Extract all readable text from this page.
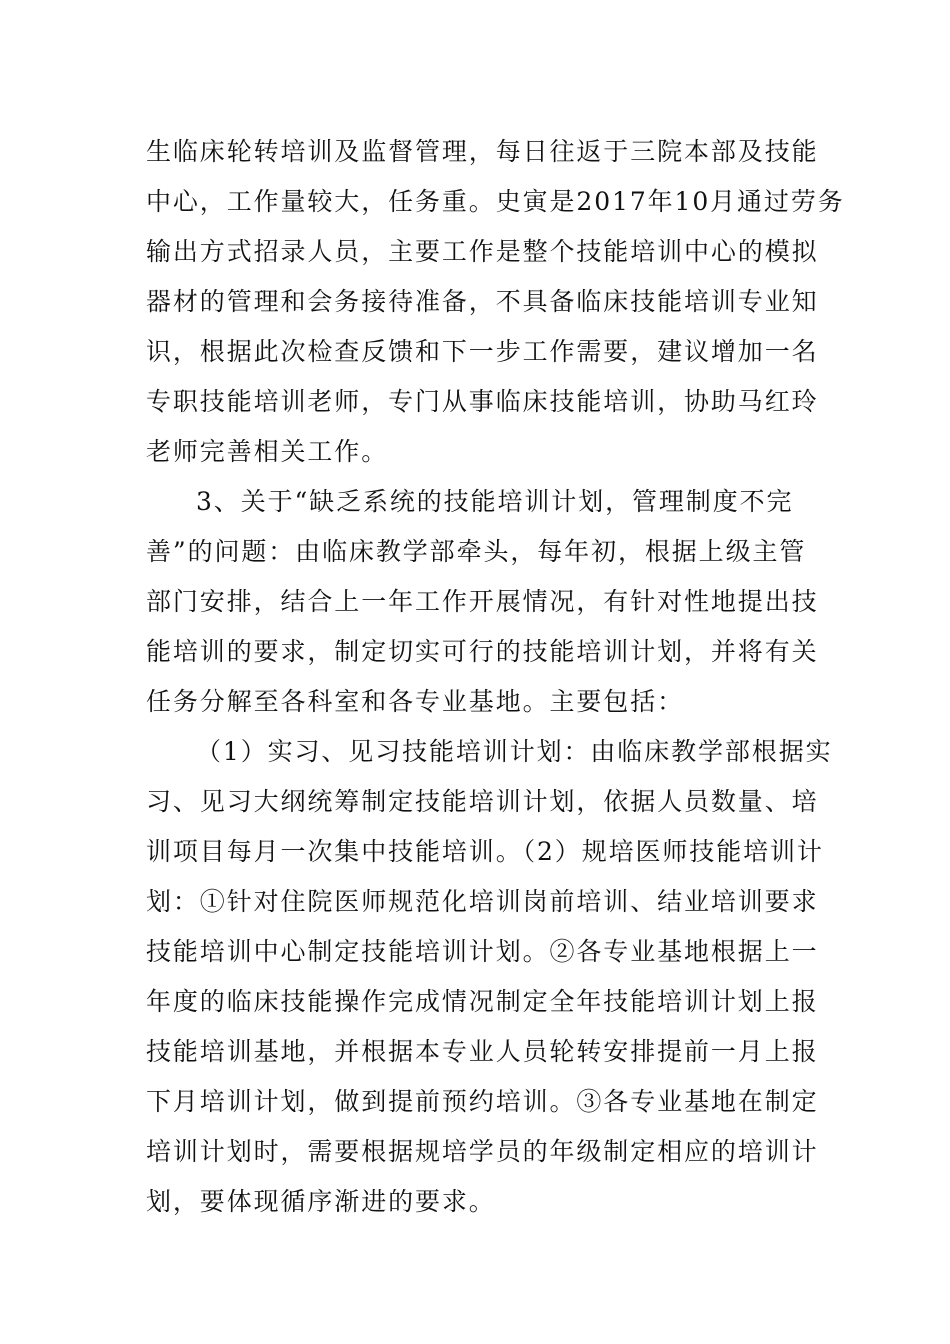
生临床轮转培训及监督管理，每日往返于三院本部及技能
中心，工作量较大，任务重。史寅是2017年10月通过劳务
输出方式招录人员，主要工作是整个技能培训中心的模拟
器材的管理和会务接待准备，不具备临床技能培训专业知
识，根据此次检查反馈和下一步工作需要，建议增加一名
专职技能培训老师，专门从事临床技能培训，协助马红玲
老师完善相关工作。
3、关于“缺乏系统的技能培训计划，管理制度不完
善”的问题：由临床教学部牵头，每年初，根据上级主管
部门安排，结合上一年工作开展情况，有针对性地提出技
能培训的要求，制定切实可行的技能培训计划，并将有关
任务分解至各科室和各专业基地。主要包括：
（1）实习、见习技能培训计划：由临床教学部根据实
习、见习大纲统筹制定技能培训计划，依据人员数量、培
训项目每月一次集中技能培训。（2）规培医师技能培训计
划：①针对住院医师规范化培训岗前培训、结业培训要求
技能培训中心制定技能培训计划。②各专业基地根据上一
年度的临床技能操作完成情况制定全年技能培训计划上报
技能培训基地，并根据本专业人员轮转安排提前一月上报
下月培训计划，做到提前预约培训。③各专业基地在制定
培训计划时，需要根据规培学员的年级制定相应的培训计
划，要体现循序渐进的要求。
